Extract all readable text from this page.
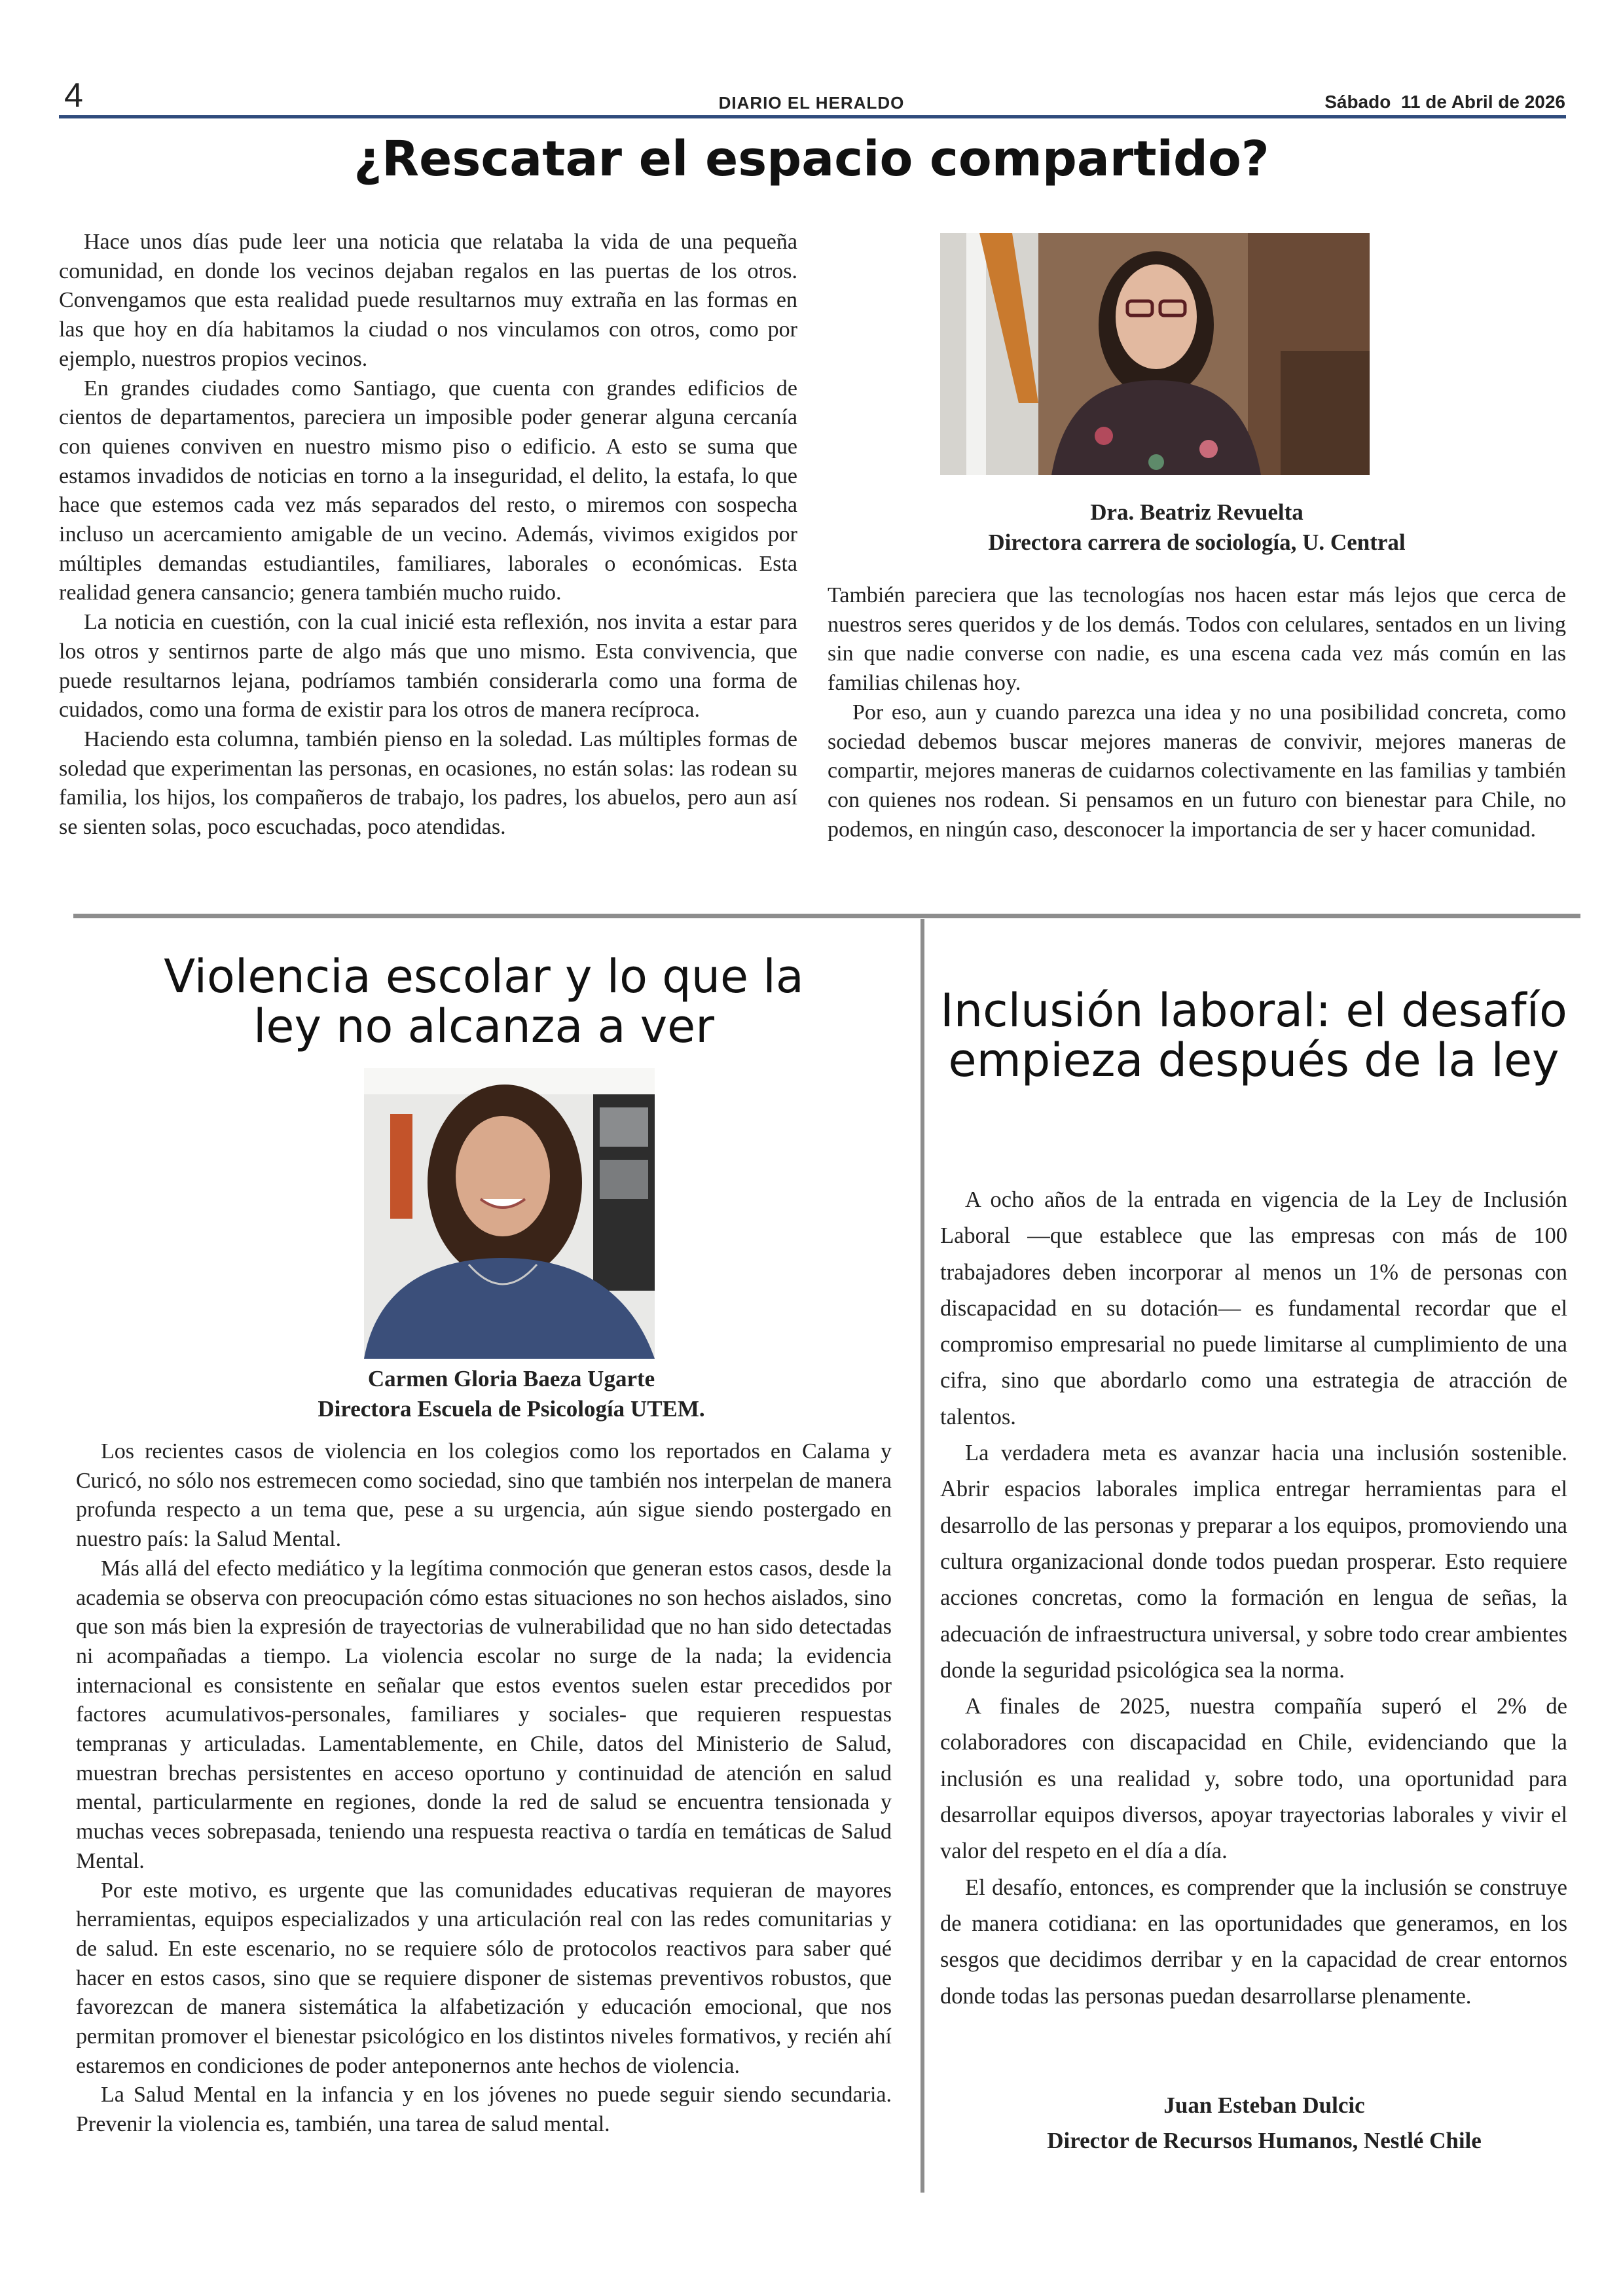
4	DIARIO EL HERALDO	Sábado  11 de Abril de 2026
¿Rescatar el espacio compartido?

Hace unos días pude leer una noticia que relataba la vida de una pequeña comunidad, en donde los vecinos dejaban regalos en las puertas de los otros. Convengamos que esta realidad puede resultarnos muy extraña en las formas en las que hoy en día habitamos la ciudad o nos vinculamos con otros, como por ejemplo, nuestros propios vecinos.

En grandes ciudades como Santiago, que cuenta con grandes edificios de cientos de departamentos, pareciera un imposible poder generar alguna cercanía con quienes conviven en nuestro mismo piso o edificio. A esto se suma que estamos invadidos de noticias en torno a la inseguridad, el delito, la estafa, lo que hace que estemos cada vez más separados del resto, o miremos con sospecha incluso un acercamiento amigable de un vecino. Además, vivimos exigidos por múltiples demandas estudiantiles, familiares, laborales o económicas. Esta realidad genera cansancio; genera también mucho ruido.

La noticia en cuestión, con la cual inicié esta reflexión, nos invita a estar para los otros y sentirnos parte de algo más que uno mismo. Esta convivencia, que puede resultarnos lejana, podríamos también considerarla como una forma de cuidados, como una forma de existir para los otros de manera recíproca.

Haciendo esta columna, también pienso en la soledad. Las múltiples formas de soledad que experimentan las personas, en ocasiones, no están solas: las rodean su familia, los hijos, los compañeros de trabajo, los padres, los abuelos, pero aun así se sienten solas, poco escuchadas, poco atendidas.

Dra. Beatriz Revuelta
Directora carrera de sociología, U. Central

También pareciera que las tecnologías nos hacen estar más lejos que cerca de nuestros seres queridos y de los demás. Todos con celulares, sentados en un living sin que nadie converse con nadie, es una escena cada vez más común en las familias chilenas hoy.

Por eso, aun y cuando parezca una idea y no una posibilidad concreta, como sociedad debemos buscar mejores maneras de convivir, mejores maneras de compartir, mejores maneras de cuidarnos colectivamente en las familias y también con quienes nos rodean. Si pensamos en un futuro con bienestar para Chile, no podemos, en ningún caso, desconocer la importancia de ser y hacer comunidad.

Violencia escolar y lo que la
ley no alcanza a ver
Carmen Gloria Baeza Ugarte
Directora Escuela de Psicología UTEM.

Los recientes casos de violencia en los colegios como los reportados en Calama y Curicó, no sólo nos estremecen como sociedad, sino que también nos interpelan de manera profunda respecto a un tema que, pese a su urgencia, aún sigue siendo postergado en nuestro país: la Salud Mental.

Más allá del efecto mediático y la legítima conmoción que generan estos casos, desde la academia se observa con preocupación cómo estas situaciones no son hechos aislados, sino que son más bien la expresión de trayectorias de vulnerabilidad que no han sido detectadas ni acompañadas a tiempo. La violencia escolar no surge de la nada; la evidencia internacional es consistente en señalar que estos eventos suelen estar precedidos por factores acumulativos-personales, familiares y sociales- que requieren respuestas tempranas y articuladas. Lamentablemente, en Chile, datos del Ministerio de Salud, muestran brechas persistentes en acceso oportuno y continuidad de atención en salud mental, particularmente en regiones, donde la red de salud se encuentra tensionada y muchas veces sobrepasada, teniendo una respuesta reactiva o tardía en temáticas de Salud Mental.

Por este motivo, es urgente que las comunidades educativas requieran de mayores herramientas, equipos especializados y una articulación real con las redes comunitarias y de salud. En este escenario, no se requiere sólo de protocolos reactivos para saber qué hacer en estos casos, sino que se requiere disponer de sistemas preventivos robustos, que favorezcan de manera sistemática la alfabetización y educación emocional, que nos permitan promover el bienestar psicológico en los distintos niveles formativos, y recién ahí estaremos en condiciones de poder anteponernos ante hechos de violencia.

La Salud Mental en la infancia y en los jóvenes no puede seguir siendo secundaria. Prevenir la violencia es, también, una tarea de salud mental.

Inclusión laboral: el desafío
empieza después de la ley

A ocho años de la entrada en vigencia de la Ley de Inclusión Laboral —que establece que las empresas con más de 100 trabajadores deben incorporar al menos un 1% de personas con discapacidad en su dotación— es fundamental recordar que el compromiso empresarial no puede limitarse al cumplimiento de una cifra, sino que abordarlo como una estrategia de atracción de talentos.

La verdadera meta es avanzar hacia una inclusión sostenible. Abrir espacios laborales implica entregar herramientas para el desarrollo de las personas y preparar a los equipos, promoviendo una cultura organizacional donde todos puedan prosperar. Esto requiere acciones concretas, como la formación en lengua de señas, la adecuación de infraestructura universal, y sobre todo crear ambientes donde la seguridad psicológica sea la norma.

A finales de 2025, nuestra compañía superó el 2% de colaboradores con discapacidad en Chile, evidenciando que la inclusión es una realidad y, sobre todo, una oportunidad para desarrollar equipos diversos, apoyar trayectorias laborales y vivir el valor del respeto en el día a día.

El desafío, entonces, es comprender que la inclusión se construye de manera cotidiana: en las oportunidades que generamos, en los sesgos que decidimos derribar y en la capacidad de crear entornos donde todas las personas puedan desarrollarse plenamente.

Juan Esteban Dulcic
Director de Recursos Humanos, Nestlé Chile
